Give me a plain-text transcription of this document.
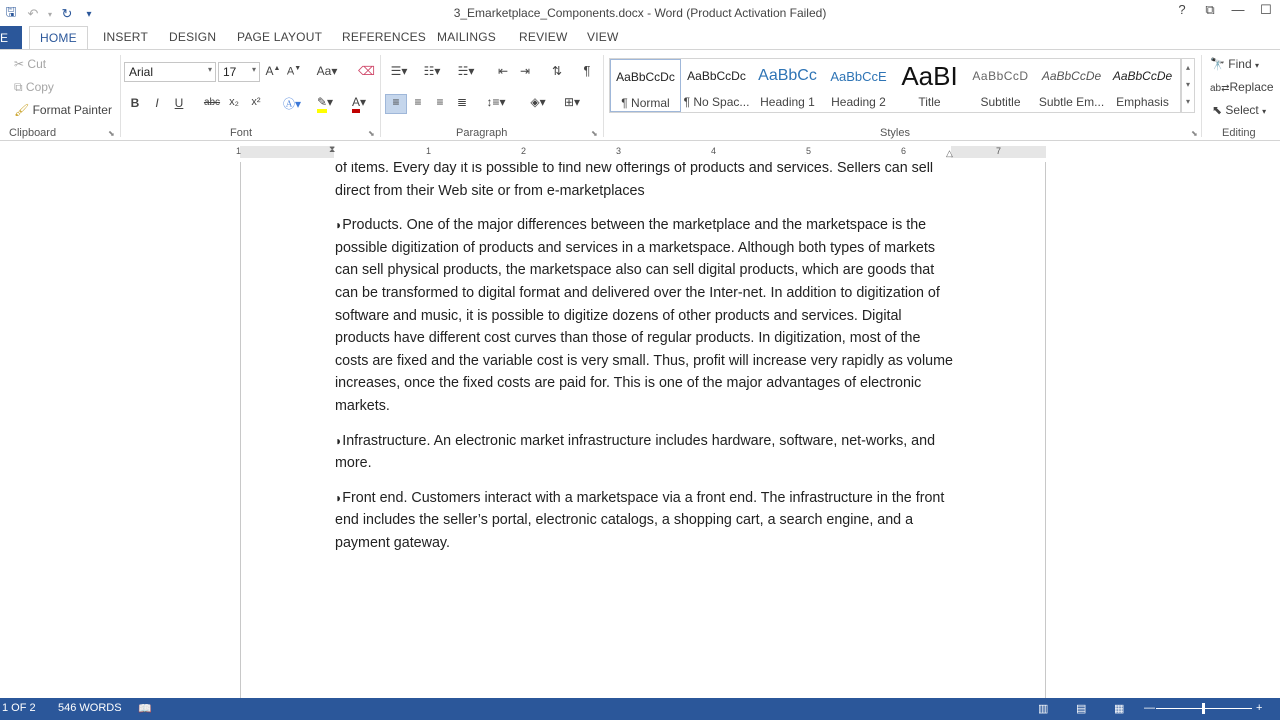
🖫 ↶	▾ ↻	▾	3_Emarketplace_Components.docx - Word (Product Activation Failed)	?	⧉	—	☐
E	HOME	INSERT DESIGN PAGE LAYOUT REFERENCES MAILINGS REVIEW VIEW
✂ Cut
⧉ Copy
🖌 Format Painter
Clipboard	⬊
Arial	▾ 17 ▾ A▲ A▼ Aa▾ ⌫
B	I	U abc x₂	x² Ⓐ▾	✎▾	A▾
Font	⬊
☰▾	☷▾	☵▾	⇤ ⇥	⇅	¶
≡	≡	≡	≣	↕≡▾	◈▾	⊞▾
Paragraph	⬊	Styles	⬊
🔭 Find ▾
ab⇄Replace
⬉ Select ▾
Editing
AaBbCcDc
¶ Normal
AaBbCcDc
¶ No Spac...
AaBbCc
Heading 1
AaBbCcE
Heading 2
AaBI
Title
AaBbCcD
Subtitle
AaBbCcDe
Subtle Em...
AaBbCcDe
Emphasis
▴
▾
▾
1	1	2	3	4	5	6	7
⧗	△

of items. Every day it is possible to find new offerings of products and services. Sellers can sell direct from their Web site or from e-marketplaces

◗Products. One of the major differences between the marketplace and the marketspace is the possible digitization of products and services in a marketspace. Although both types of markets can sell physical products, the marketspace also can sell digital products, which are goods that can be transformed to digital format and delivered over the Inter-net. In addition to digitization of software and music, it is possible to digitize dozens of other products and services. Digital products have different cost curves than those of regular products. In digitization, most of the costs are fixed and the variable cost is very small. Thus, profit will increase very rapidly as volume increases, once the fixed costs are paid for. This is one of the major advantages of electronic markets.

◗Infrastructure. An electronic market infrastructure includes hardware, software, net-works, and more.

◗Front end. Customers interact with a marketspace via a front end. The infrastructure in the front end includes the seller’s portal, electronic catalogs, a shopping cart, a search engine, and a payment gateway.

1 OF 2 546 WORDS 📖	▥	▤	▦ —	+
